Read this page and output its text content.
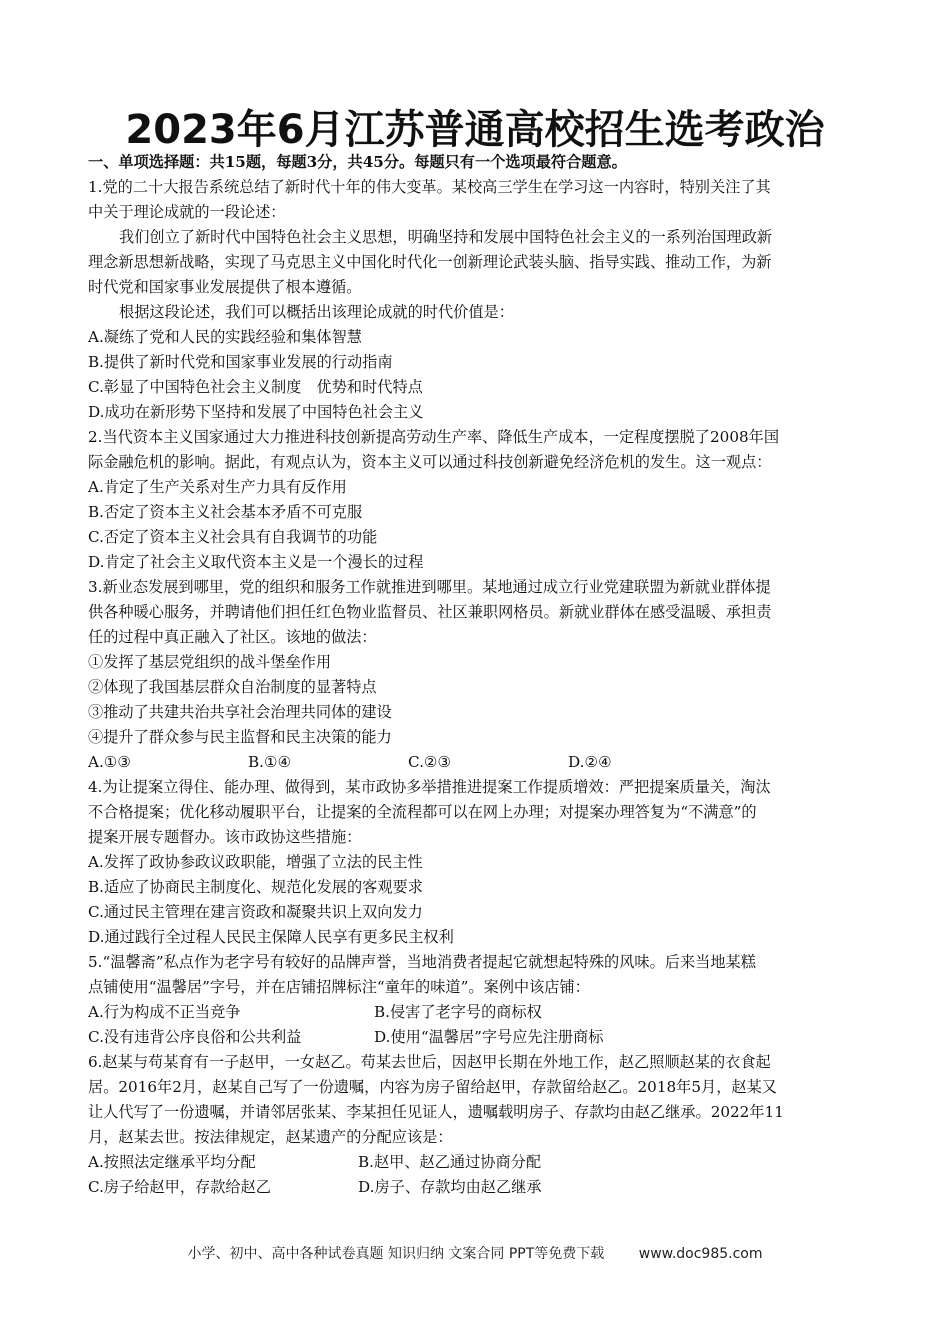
2023年6月江苏普通高校招生选考政治
一、单项选择题：共15题，每题3分，共45分。每题只有一个选项最符合题意。
1.党的二十大报告系统总结了新时代十年的伟大变革。某校高三学生在学习这一内容时，特别关注了其
中关于理论成就的一段论述：
我们创立了新时代中国特色社会主义思想，明确坚持和发展中国特色社会主义的一系列治国理政新
理念新思想新战略，实现了马克思主义中国化时代化一创新理论武装头脑、指导实践、推动工作，为新
时代党和国家事业发展提供了根本遵循。
根据这段论述，我们可以概括出该理论成就的时代价值是：
A.凝练了党和人民的实践经验和集体智慧
B.提供了新时代党和国家事业发展的行动指南
C.彰显了中国特色社会主义制度　优势和时代特点
D.成功在新形势下坚持和发展了中国特色社会主义
2.当代资本主义国家通过大力推进科技创新提高劳动生产率、降低生产成本，一定程度摆脱了2008年国
际金融危机的影响。据此，有观点认为，资本主义可以通过科技创新避免经济危机的发生。这一观点：
A.肯定了生产关系对生产力具有反作用
B.否定了资本主义社会基本矛盾不可克服
C.否定了资本主义社会具有自我调节的功能
D.肯定了社会主义取代资本主义是一个漫长的过程
3.新业态发展到哪里，党的组织和服务工作就推进到哪里。某地通过成立行业党建联盟为新就业群体提
供各种暖心服务，并聘请他们担任红色物业监督员、社区兼职网格员。新就业群体在感受温暖、承担责
任的过程中真正融入了社区。该地的做法：
①发挥了基层党组织的战斗堡垒作用
②体现了我国基层群众自治制度的显著特点
③推动了共建共治共享社会治理共同体的建设
④提升了群众参与民主监督和民主决策的能力
A.①③	B.①④	C.②③	D.②④
4.为让提案立得住、能办理、做得到，某市政协多举措推进提案工作提质增效：严把提案质量关，淘汰
不合格提案；优化移动履职平台，让提案的全流程都可以在网上办理；对提案办理答复为“不满意”的
提案开展专题督办。该市政协这些措施：
A.发挥了政协参政议政职能，增强了立法的民主性
B.适应了协商民主制度化、规范化发展的客观要求
C.通过民主管理在建言资政和凝聚共识上双向发力
D.通过践行全过程人民民主保障人民享有更多民主权利
5.“温馨斋”私点作为老字号有较好的品牌声誉，当地消费者提起它就想起特殊的风味。后来当地某糕
点铺使用“温馨居”字号，并在店铺招牌标注“童年的味道”。案例中该店铺：
A.行为构成不正当竞争	B.侵害了老字号的商标权
C.没有违背公序良俗和公共利益	D.使用“温馨居”字号应先注册商标
6.赵某与苟某育有一子赵甲，一女赵乙。苟某去世后，因赵甲长期在外地工作，赵乙照顺赵某的衣食起
居。2016年2月，赵某自己写了一份遗嘱，内容为房子留给赵甲，存款留给赵乙。2018年5月，赵某又
让人代写了一份遗嘱，并请邻居张某、李某担任见证人，遗嘱载明房子、存款均由赵乙继承。2022年11
月，赵某去世。按法律规定，赵某遗产的分配应该是：
A.按照法定继承平均分配	B.赵甲、赵乙通过协商分配
C.房子给赵甲，存款给赵乙	D.房子、存款均由赵乙继承
小学、初中、高中各种试卷真题 知识归纳 文案合同 PPT等免费下载 www.doc985.com
